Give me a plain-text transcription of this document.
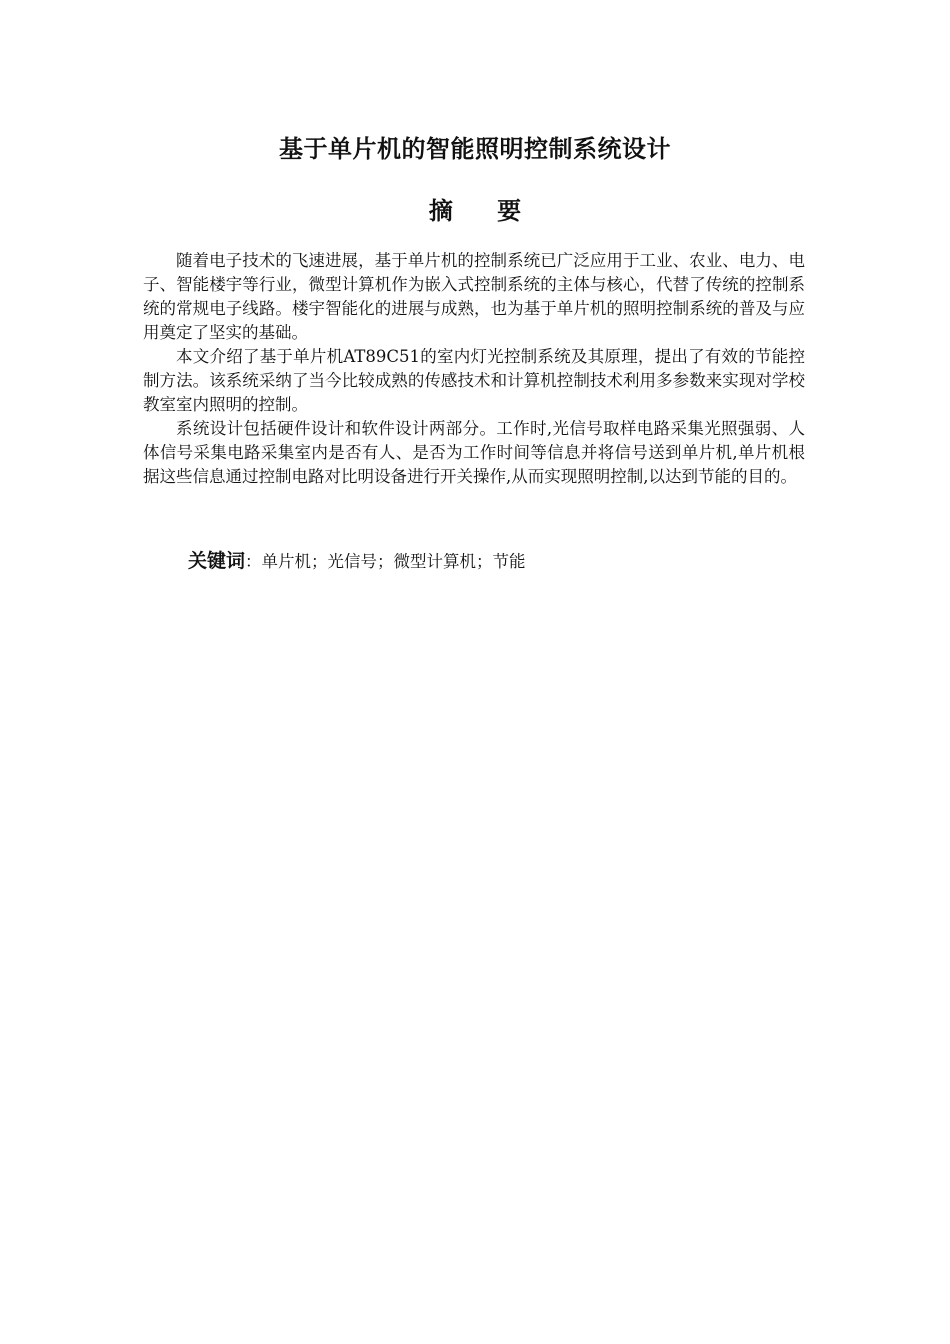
基于单片机的智能照明控制系统设计
摘 要

随着电子技术的飞速进展，基于单片机的控制系统已广泛应用于工业、农业、电力、电子、智能楼宇等行业，微型计算机作为嵌入式控制系统的主体与核心，代替了传统的控制系统的常规电子线路。楼宇智能化的进展与成熟，也为基于单片机的照明控制系统的普及与应用奠定了坚实的基础。

本文介绍了基于单片机AT89C51的室内灯光控制系统及其原理，提出了有效的节能控制方法。该系统采纳了当今比较成熟的传感技术和计算机控制技术利用多参数来实现对学校教室室内照明的控制。

系统设计包括硬件设计和软件设计两部分。工作时,光信号取样电路采集光照强弱、人体信号采集电路采集室内是否有人、是否为工作时间等信息并将信号送到单片机,单片机根据这些信息通过控制电路对比明设备进行开关操作,从而实现照明控制,以达到节能的目的。

关键词：单片机；光信号；微型计算机；节能
